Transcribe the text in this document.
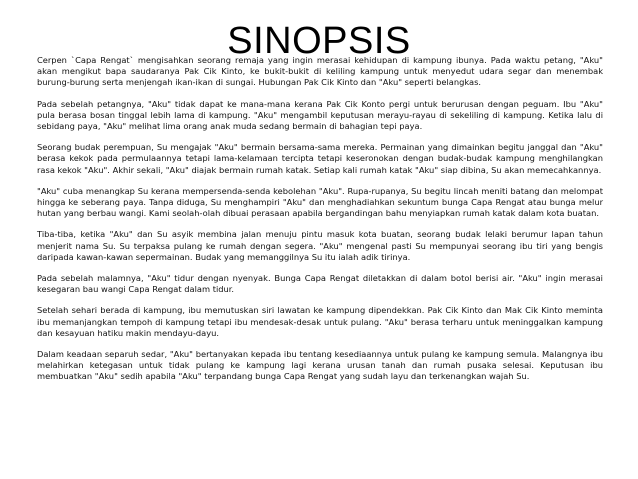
Cerpen `Capa Rengat` mengisahkan seorang remaja yang ingin merasai kehidupan di kampung ibunya. Pada waktu petang, "Aku" akan mengikut bapa saudaranya Pak Cik Kinto, ke bukit-bukit di keliling kampung untuk menyedut udara segar dan menembak burung-burung serta menjengah ikan-ikan di sungai. Hubungan Pak Cik Kinto dan "Aku" seperti belangkas.

Pada sebelah petangnya, "Aku" tidak dapat ke mana-mana kerana Pak Cik Konto pergi untuk berurusan dengan peguam. Ibu "Aku" pula berasa bosan tinggal lebih lama di kampung. "Aku" mengambil keputusan merayu-rayau di sekeliling di kampung. Ketika lalu di sebidang paya, "Aku" melihat lima orang anak muda sedang bermain di bahagian tepi paya.

Seorang budak perempuan, Su mengajak "Aku" bermain bersama-sama mereka. Permainan yang dimainkan begitu janggal dan "Aku" berasa kekok pada permulaannya tetapi lama-kelamaan tercipta tetapi keseronokan dengan budak-budak kampung menghilangkan rasa kekok "Aku". Akhir sekali, "Aku" diajak bermain rumah katak. Setiap kali rumah katak "Aku" siap dibina, Su akan memecahkannya.

"Aku" cuba menangkap Su kerana mempersenda-senda kebolehan "Aku". Rupa-rupanya, Su begitu lincah meniti batang dan melompat hingga ke seberang paya. Tanpa diduga, Su menghampiri "Aku" dan menghadiahkan sekuntum bunga Capa Rengat atau bunga melur hutan yang berbau wangi. Kami seolah-olah dibuai perasaan apabila bergandingan bahu menyiapkan rumah katak dalam kota buatan.

Tiba-tiba, ketika "Aku" dan Su asyik membina jalan menuju pintu masuk kota buatan, seorang budak lelaki berumur lapan tahun menjerit nama Su. Su terpaksa pulang ke rumah dengan segera. "Aku" mengenal pasti Su mempunyai seorang ibu tiri yang bengis daripada kawan-kawan sepermainan. Budak yang memanggilnya Su itu ialah adik tirinya.

Pada sebelah malamnya, "Aku" tidur dengan nyenyak. Bunga Capa Rengat diletakkan di dalam botol berisi air. "Aku" ingin merasai kesegaran bau wangi Capa Rengat dalam tidur.

Setelah sehari berada di kampung, ibu memutuskan siri lawatan ke kampung dipendekkan. Pak Cik Kinto dan Mak Cik Kinto meminta ibu memanjangkan tempoh di kampung tetapi ibu mendesak-desak untuk pulang. "Aku" berasa terharu untuk meninggalkan kampung dan kesayuan hatiku makin mendayu-dayu.

Dalam keadaan separuh sedar, "Aku" bertanyakan kepada ibu tentang kesediaannya untuk pulang ke kampung semula. Malangnya ibu melahirkan ketegasan untuk tidak pulang ke kampung lagi kerana urusan tanah dan rumah pusaka selesai. Keputusan ibu membuatkan "Aku" sedih apabila "Aku" terpandang bunga Capa Rengat yang sudah layu dan terkenangkan wajah Su.

SINOPSIS
